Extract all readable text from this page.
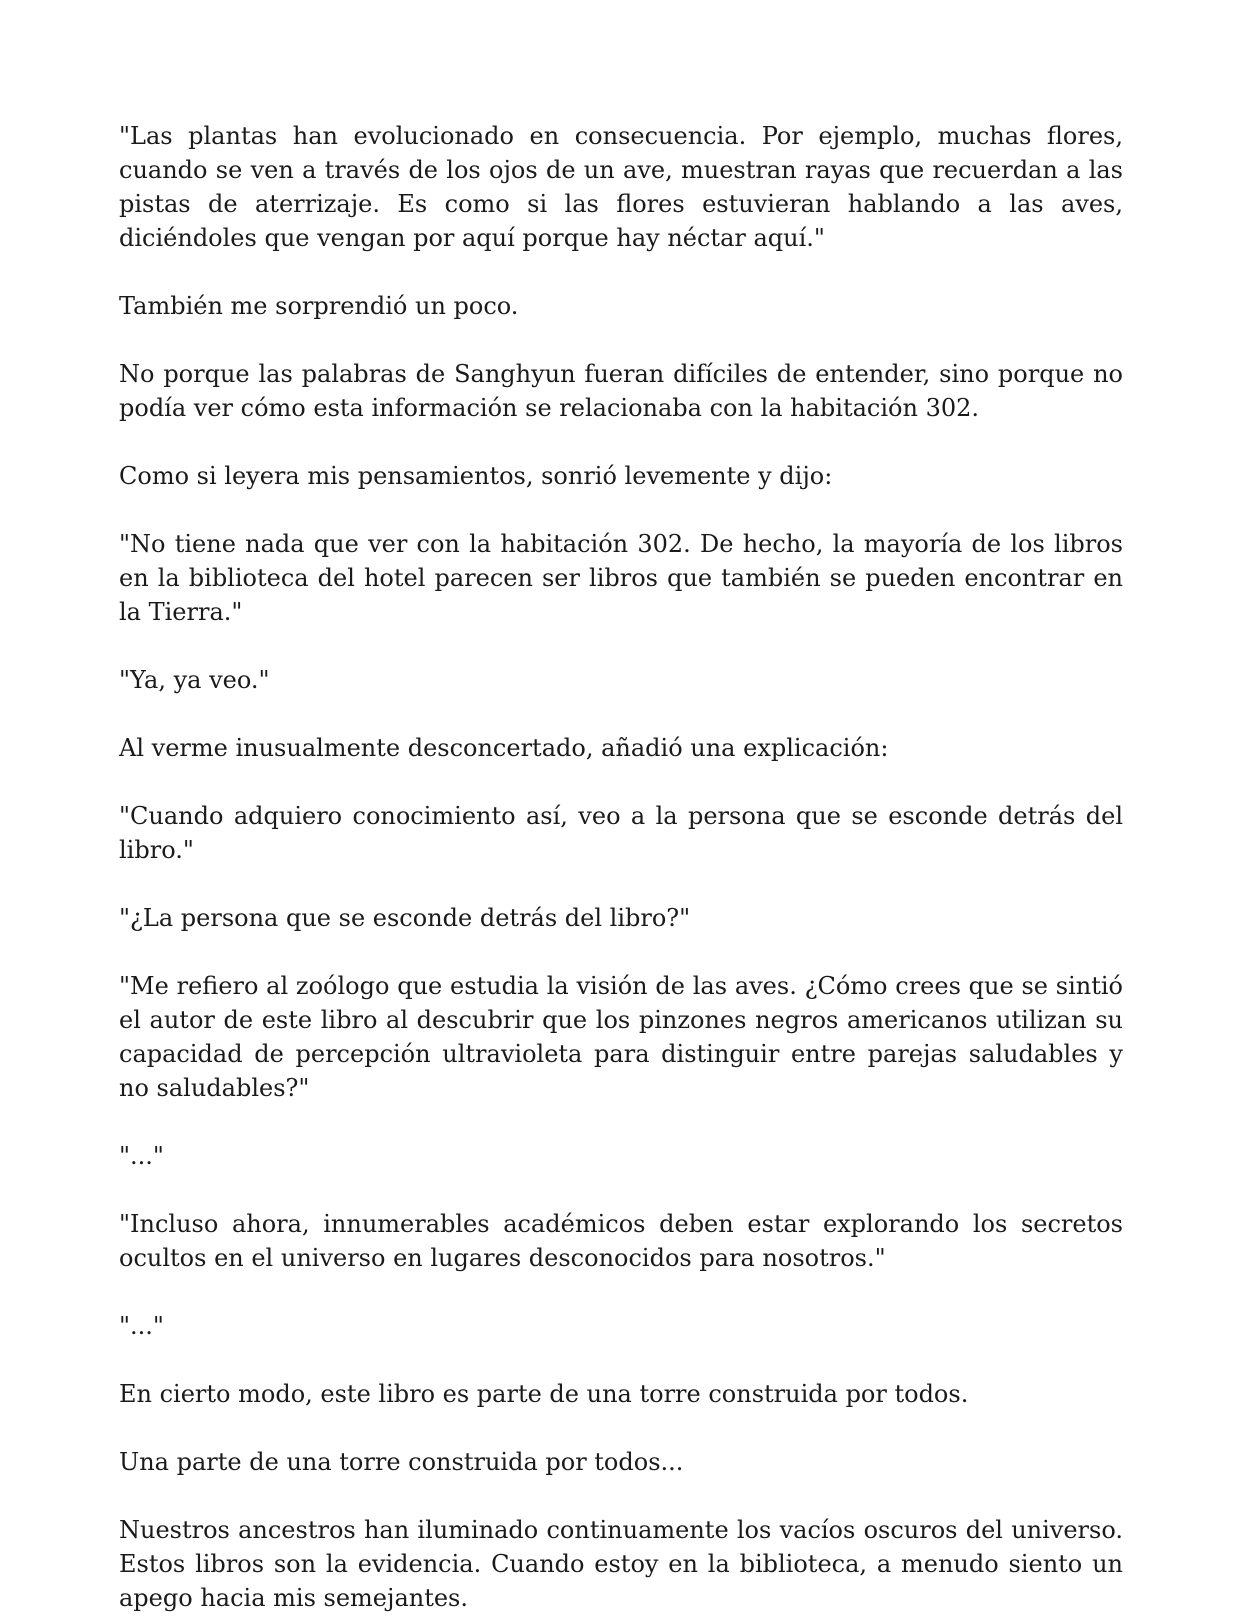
"Las plantas han evolucionado en consecuencia. Por ejemplo, muchas flores, cuando se ven a través de los ojos de un ave, muestran rayas que recuerdan a las pistas de aterrizaje. Es como si las flores estuvieran hablando a las aves, diciéndoles que vengan por aquí porque hay néctar aquí."

También me sorprendió un poco.

No porque las palabras de Sanghyun fueran difíciles de entender, sino porque no podía ver cómo esta información se relacionaba con la habitación 302.

Como si leyera mis pensamientos, sonrió levemente y dijo:

"No tiene nada que ver con la habitación 302. De hecho, la mayoría de los libros en la biblioteca del hotel parecen ser libros que también se pueden encontrar en la Tierra."

"Ya, ya veo."

Al verme inusualmente desconcertado, añadió una explicación:

"Cuando adquiero conocimiento así, veo a la persona que se esconde detrás del libro."

"¿La persona que se esconde detrás del libro?"

"Me refiero al zoólogo que estudia la visión de las aves. ¿Cómo crees que se sintió el autor de este libro al descubrir que los pinzones negros americanos utilizan su capacidad de percepción ultravioleta para distinguir entre parejas saludables y no saludables?"

"..."

"Incluso ahora, innumerables académicos deben estar explorando los secretos ocultos en el universo en lugares desconocidos para nosotros."

"..."

En cierto modo, este libro es parte de una torre construida por todos.

Una parte de una torre construida por todos...

Nuestros ancestros han iluminado continuamente los vacíos oscuros del universo. Estos libros son la evidencia. Cuando estoy en la biblioteca, a menudo siento un apego hacia mis semejantes.
